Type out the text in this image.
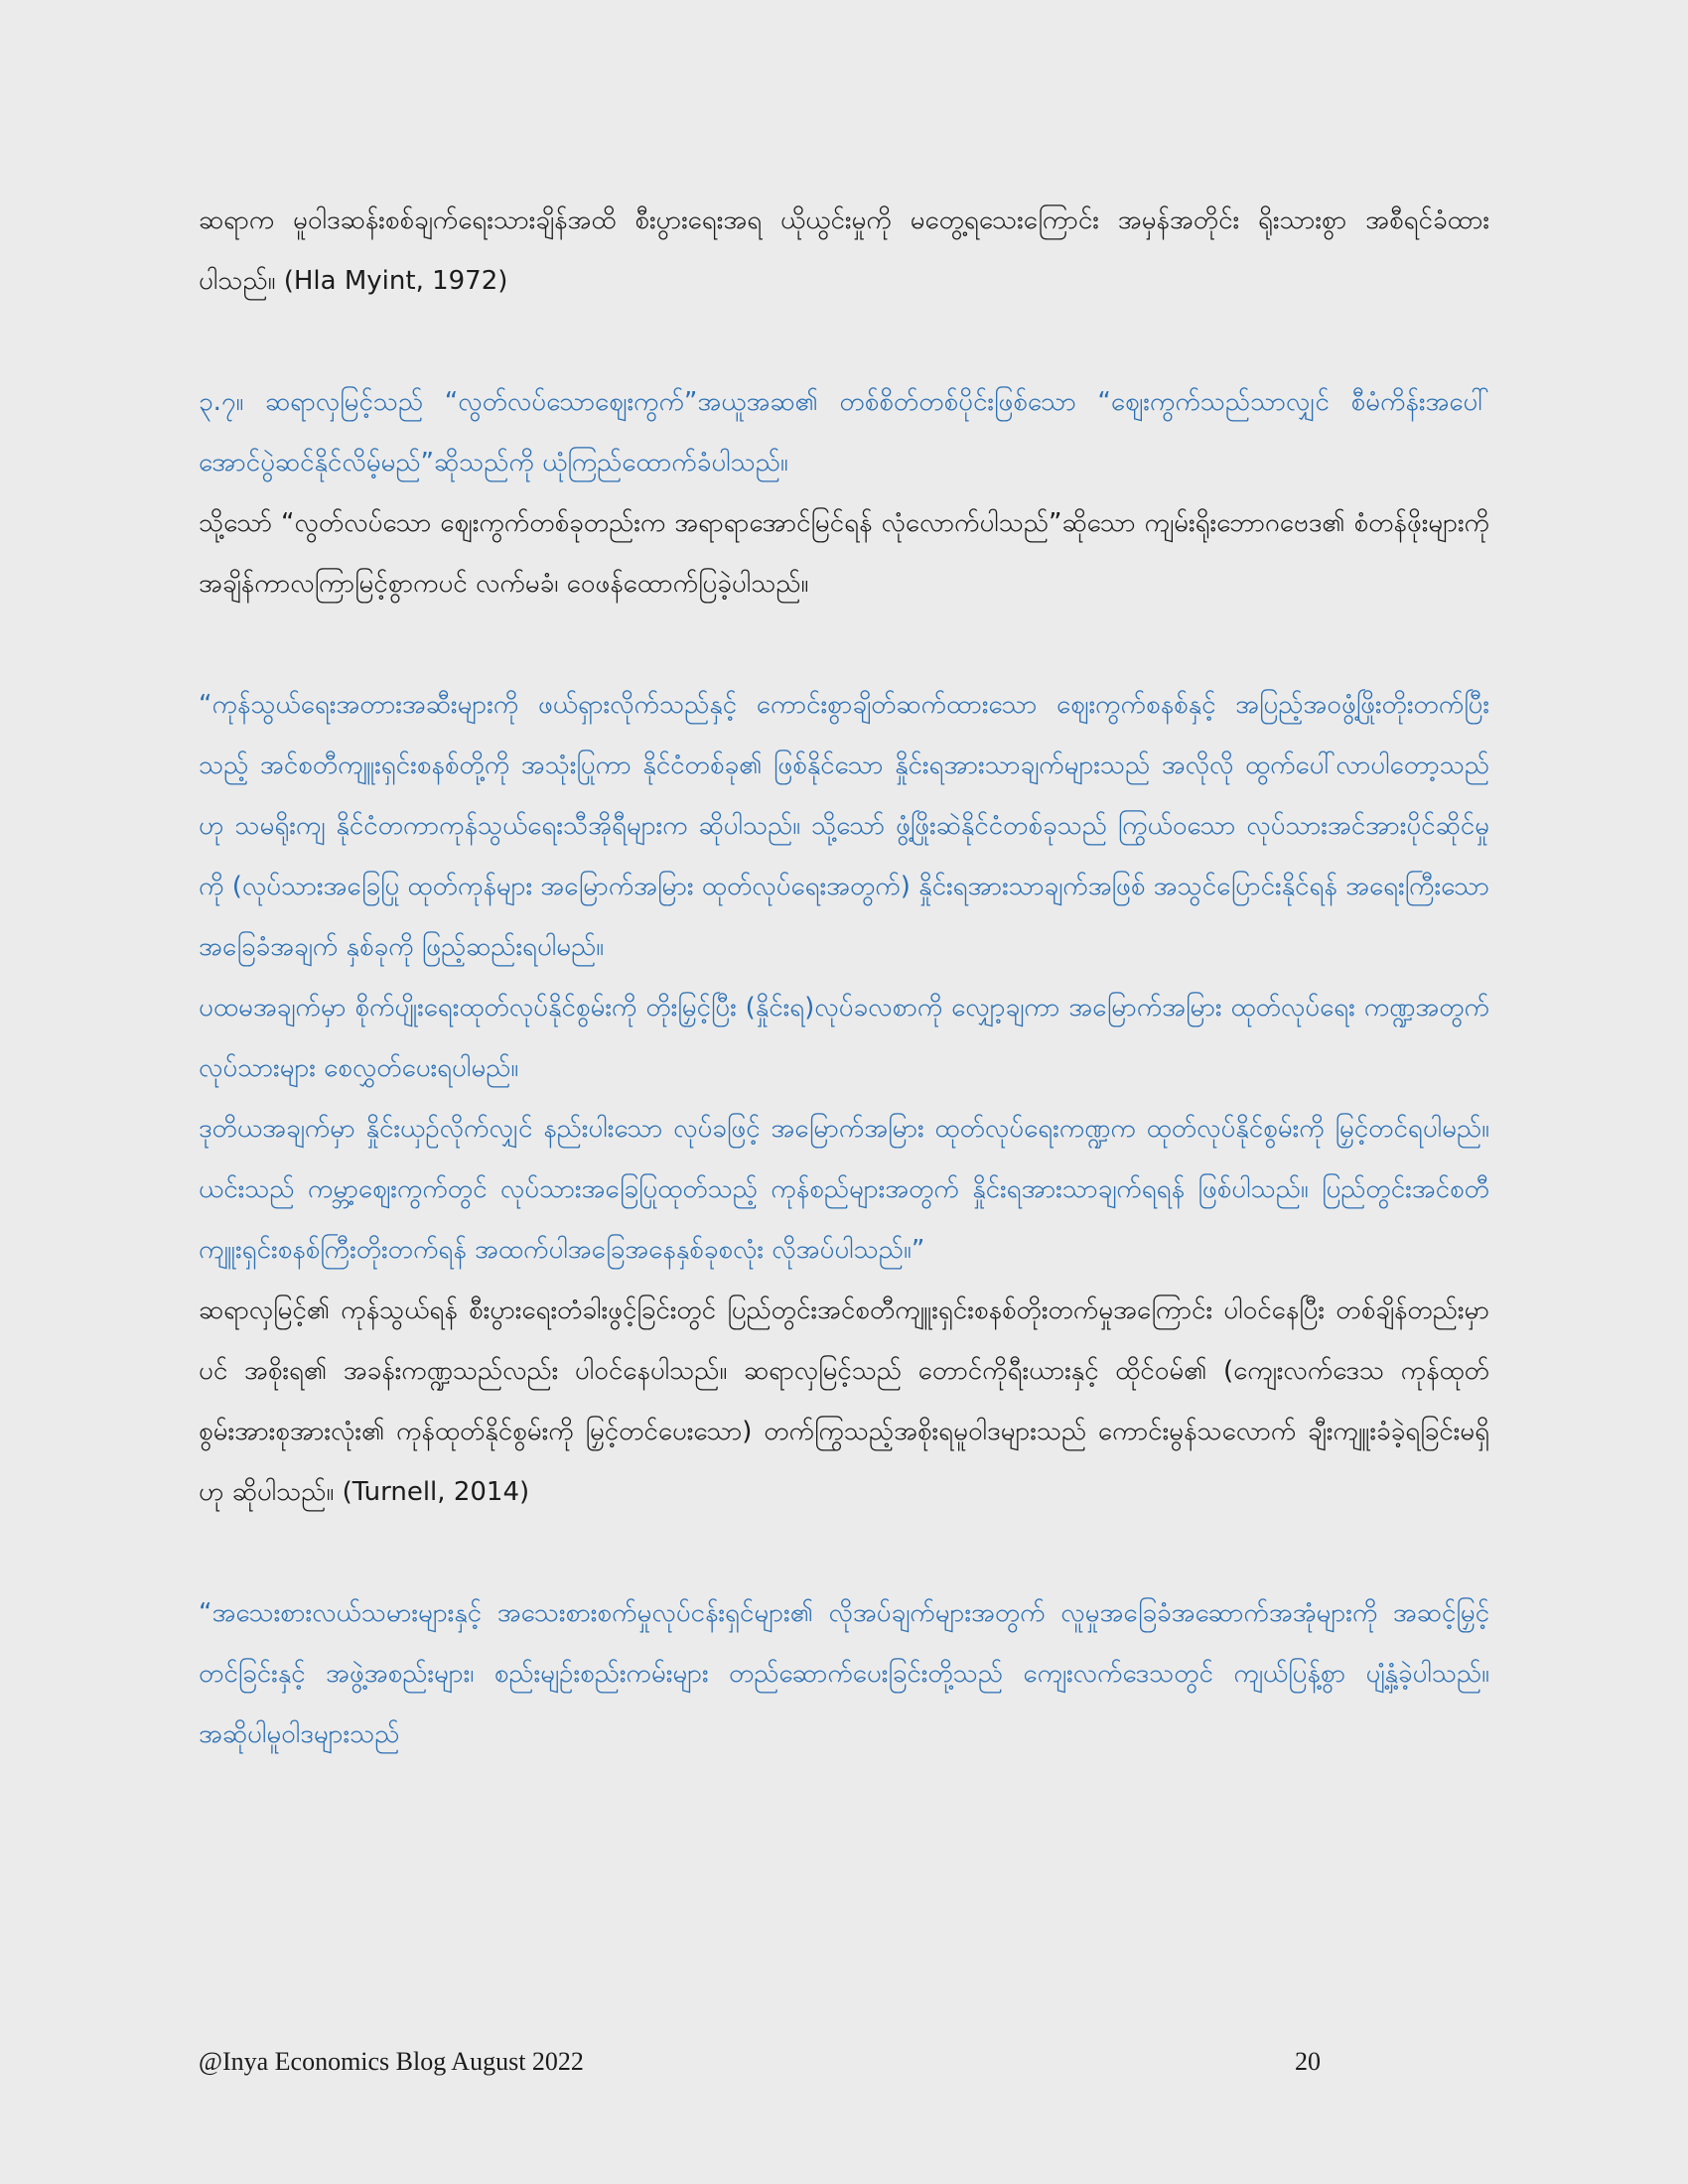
ဆရာက မူဝါဒဆန်းစစ်ချက်ရေးသားချိန်အထိ စီးပွားရေးအရ ယိုယွင်းမှုကို မတွေ့ရသေးကြောင်း အမှန်အတိုင်း ရိုးသားစွာ အစီရင်ခံထားပါသည်။ (Hla Myint, 1972)

၃.၇။ ဆရာလှမြင့်သည် “လွတ်လပ်သောဈေးကွက်”အယူအဆ၏ တစ်စိတ်တစ်ပိုင်းဖြစ်သော “ဈေးကွက်သည်သာလျှင် စီမံကိန်းအပေါ် အောင်ပွဲဆင်နိုင်လိမ့်မည်”ဆိုသည်ကို ယုံကြည်ထောက်ခံပါသည်။

သို့သော် “လွတ်လပ်သော ဈေးကွက်တစ်ခုတည်းက အရာရာအောင်မြင်ရန် လုံလောက်ပါသည်”ဆိုသော ကျမ်းရိုးဘောဂဗေဒ၏ စံတန်ဖိုးများကို အချိန်ကာလကြာမြင့်စွာကပင် လက်မခံ၊ ဝေဖန်ထောက်ပြခဲ့ပါသည်။

“ကုန်သွယ်ရေးအတားအဆီးများကို ဖယ်ရှားလိုက်သည်နှင့် ကောင်းစွာချိတ်ဆက်ထားသော ဈေးကွက်စနစ်နှင့် အပြည့်အဝဖွံ့ဖြိုးတိုးတက်ပြီးသည့် အင်စတီကျူးရှင်းစနစ်တို့ကို အသုံးပြုကာ နိုင်ငံတစ်ခု၏ ဖြစ်နိုင်သော နှိုင်းရအားသာချက်များသည် အလိုလို ထွက်ပေါ်လာပါတော့သည်ဟု သမရိုးကျ နိုင်ငံတကာကုန်သွယ်ရေးသီအိုရီများက ဆိုပါသည်။ သို့သော် ဖွံ့ဖြိုးဆဲနိုင်ငံတစ်ခုသည် ကြွယ်ဝသော လုပ်သားအင်အားပိုင်ဆိုင်မှုကို (လုပ်သားအခြေပြု ထုတ်ကုန်များ အမြောက်အမြား ထုတ်လုပ်ရေးအတွက်) နှိုင်းရအားသာချက်အဖြစ် အသွင်ပြောင်းနိုင်ရန် အရေးကြီးသော အခြေခံအချက် နှစ်ခုကို ဖြည့်ဆည်းရပါမည်။

ပထမအချက်မှာ စိုက်ပျိုးရေးထုတ်လုပ်နိုင်စွမ်းကို တိုးမြှင့်ပြီး (နှိုင်းရ)လုပ်ခလစာကို လျှော့ချကာ အမြောက်အမြား ထုတ်လုပ်ရေး ကဏ္ဍအတွက် လုပ်သားများ စေလွှတ်ပေးရပါမည်။

ဒုတိယအချက်မှာ နှိုင်းယှဉ်လိုက်လျှင် နည်းပါးသော လုပ်ခဖြင့် အမြောက်အမြား ထုတ်လုပ်ရေးကဏ္ဍက ထုတ်လုပ်နိုင်စွမ်းကို မြှင့်တင်ရပါမည်။ ယင်းသည် ကမ္ဘာ့ဈေးကွက်တွင် လုပ်သားအခြေပြုထုတ်သည့် ကုန်စည်များအတွက် နှိုင်းရအားသာချက်ရရန် ဖြစ်ပါသည်။ ပြည်တွင်းအင်စတီကျူးရှင်းစနစ်ကြီးတိုးတက်ရန် အထက်ပါအခြေအနေနှစ်ခုစလုံး လိုအပ်ပါသည်။”

ဆရာလှမြင့်၏ ကုန်သွယ်ရန် စီးပွားရေးတံခါးဖွင့်ခြင်းတွင် ပြည်တွင်းအင်စတီကျူးရှင်းစနစ်တိုးတက်မှုအကြောင်း ပါဝင်နေပြီး တစ်ချိန်တည်းမှာပင် အစိုးရ၏ အခန်းကဏ္ဍသည်လည်း ပါဝင်နေပါသည်။ ဆရာလှမြင့်သည် တောင်ကိုရီးယားနှင့် ထိုင်ဝမ်၏ (ကျေးလက်ဒေသ ကုန်ထုတ်စွမ်းအားစုအားလုံး၏ ကုန်ထုတ်နိုင်စွမ်းကို မြှင့်တင်ပေးသော) တက်ကြွသည့်အစိုးရမူဝါဒများသည် ကောင်းမွန်သလောက် ချီးကျူးခံခဲ့ရခြင်းမရှိဟု ဆိုပါသည်။ (Turnell, 2014)

“အသေးစားလယ်သမားများနှင့် အသေးစားစက်မှုလုပ်ငန်းရှင်များ၏ လိုအပ်ချက်များအတွက် လူမှုအခြေခံအဆောက်အအုံများကို အဆင့်မြှင့်တင်ခြင်းနှင့် အဖွဲ့အစည်းများ၊ စည်းမျဉ်းစည်းကမ်းများ တည်ဆောက်ပေးခြင်းတို့သည် ကျေးလက်ဒေသတွင် ကျယ်ပြန့်စွာ ပျံ့နှံ့ခဲ့ပါသည်။ အဆိုပါမူဝါဒများသည်

@Inya Economics Blog August 2022	20
